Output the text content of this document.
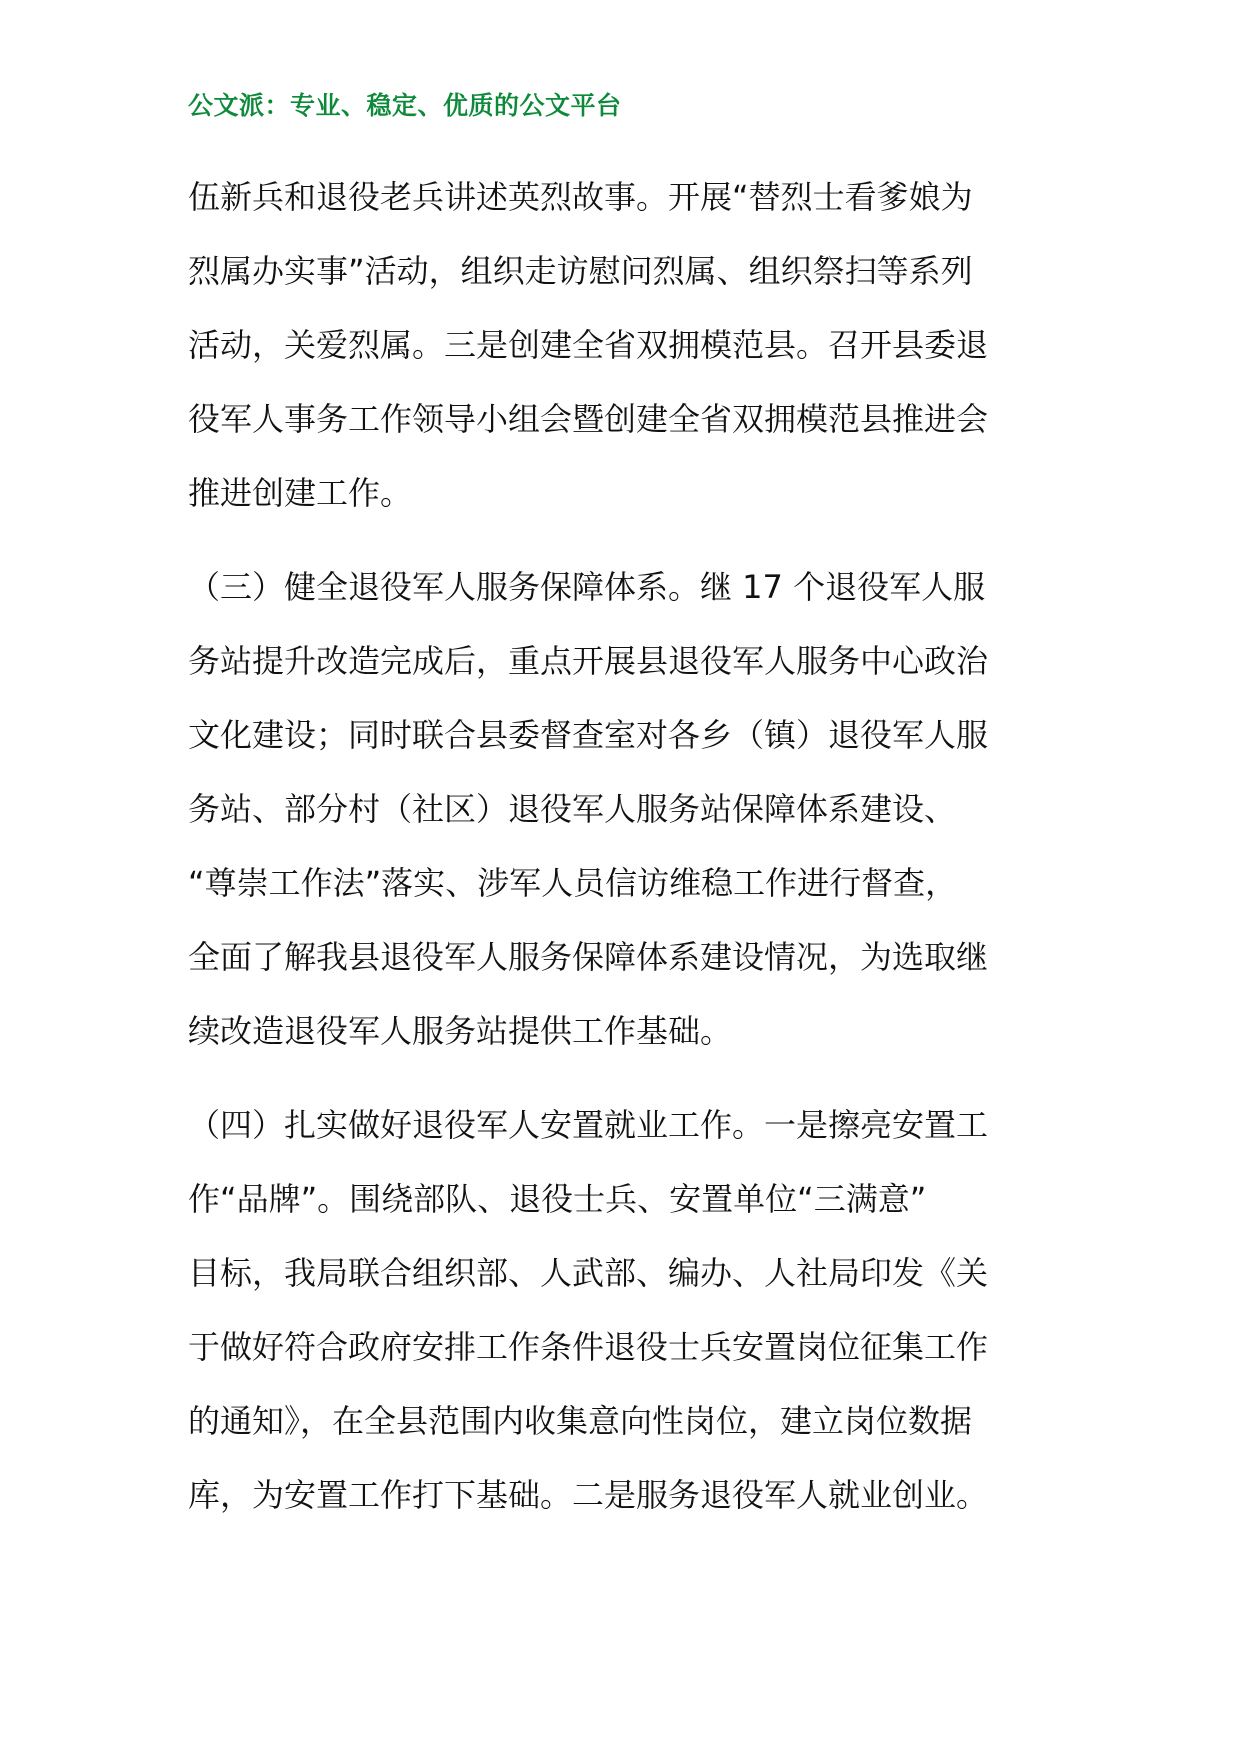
公文派：专业、稳定、优质的公文平台
伍新兵和退役老兵讲述英烈故事。开展“替烈士看爹娘为
烈属办实事”活动，组织走访慰问烈属、组织祭扫等系列
活动，关爱烈属。三是创建全省双拥模范县。召开县委退
役军人事务工作领导小组会暨创建全省双拥模范县推进会
推进创建工作。
（三）健全退役军人服务保障体系。继 17 个退役军人服
务站提升改造完成后，重点开展县退役军人服务中心政治
文化建设；同时联合县委督查室对各乡（镇）退役军人服
务站、部分村（社区）退役军人服务站保障体系建设、
“尊崇工作法”落实、涉军人员信访维稳工作进行督查，
全面了解我县退役军人服务保障体系建设情况，为选取继
续改造退役军人服务站提供工作基础。
（四）扎实做好退役军人安置就业工作。一是擦亮安置工
作“品牌”。围绕部队、退役士兵、安置单位“三满意”
目标，我局联合组织部、人武部、编办、人社局印发《关
于做好符合政府安排工作条件退役士兵安置岗位征集工作
的通知》，在全县范围内收集意向性岗位，建立岗位数据
库，为安置工作打下基础。二是服务退役军人就业创业。
